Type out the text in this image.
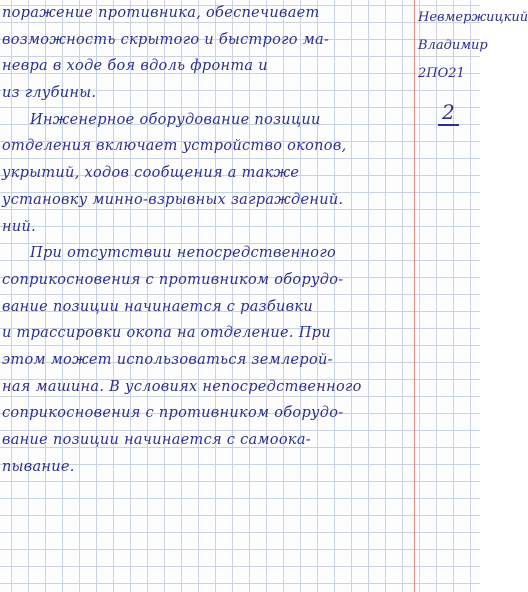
поражение противника, обеспечивает
возможность скрытого и быстрого ма-
невра в ходе боя вдоль фронта и
из глубины.
Инженерное оборудование позиции
отделения включает устройство окопов,
укрытий, ходов сообщения а также
установку минно-взрывных заграждений.
ний.
При отсутствии непосредственного
соприкосновения с противником оборудо-
вание позиции начинается с разбивки
и трассировки окопа на отделение. При
этом может использоваться землерой-
ная машина. В условиях непосредственного
соприкосновения с противником оборудо-
вание позиции начинается с самоока-
пывание.
Невмержицкий
Владимир
2ПО21
2
